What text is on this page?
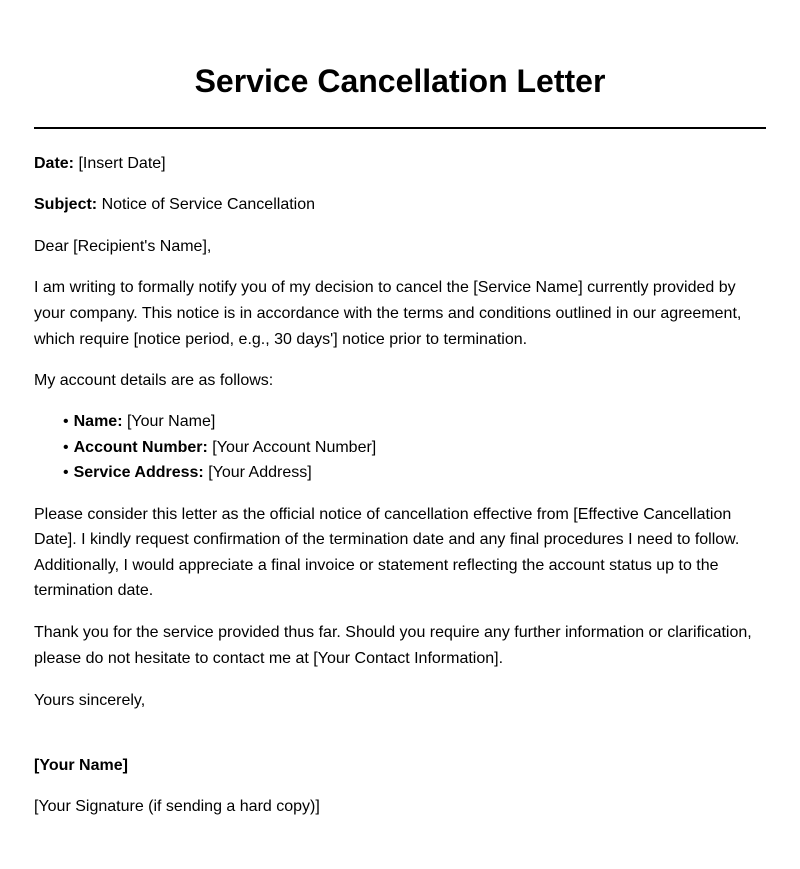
Service Cancellation Letter

Date: [Insert Date]

Subject: Notice of Service Cancellation

Dear [Recipient's Name],

I am writing to formally notify you of my decision to cancel the [Service Name] currently provided by your company. This notice is in accordance with the terms and conditions outlined in our agreement, which require [notice period, e.g., 30 days'] notice prior to termination.

My account details are as follows:

• Name: [Your Name]
• Account Number: [Your Account Number]
• Service Address: [Your Address]

Please consider this letter as the official notice of cancellation effective from [Effective Cancellation Date]. I kindly request confirmation of the termination date and any final procedures I need to follow. Additionally, I would appreciate a final invoice or statement reflecting the account status up to the termination date.

Thank you for the service provided thus far. Should you require any further information or clarification, please do not hesitate to contact me at [Your Contact Information].

Yours sincerely,

[Your Name]

[Your Signature (if sending a hard copy)]
